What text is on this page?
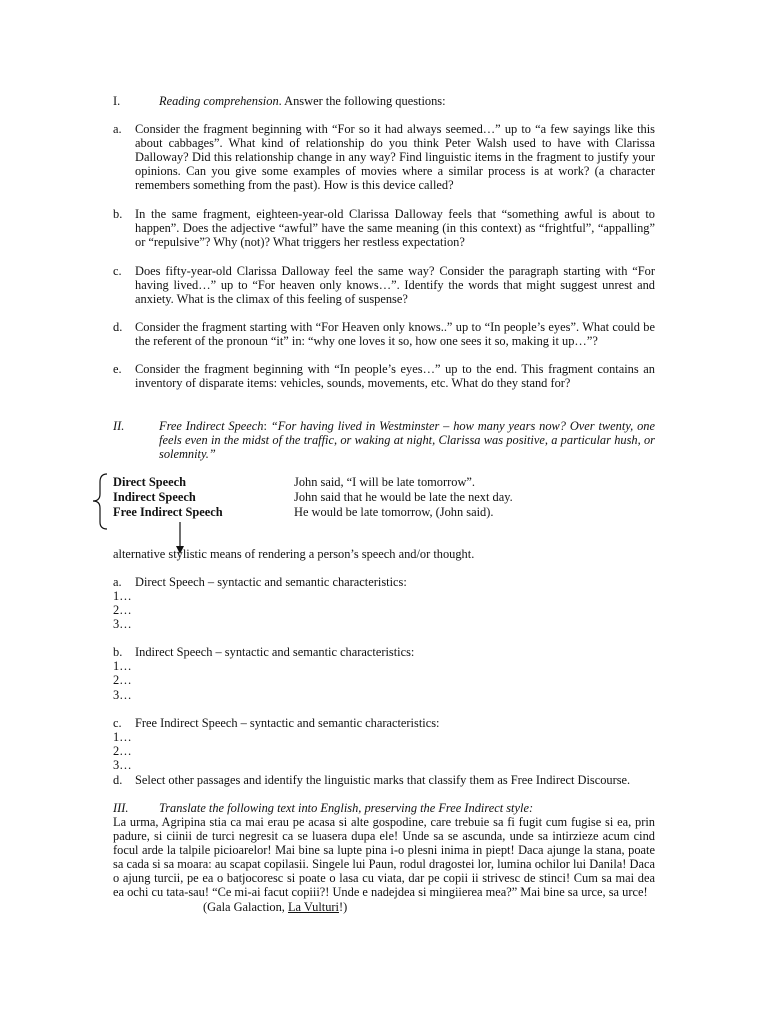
I.	Reading comprehension. Answer the following questions:
a. Consider the fragment beginning with “For so it had always seemed…” up to “a few sayings like this about cabbages”. What kind of relationship do you think Peter Walsh used to have with Clarissa Dalloway? Did this relationship change in any way? Find linguistic items in the fragment to justify your opinions. Can you give some examples of movies where a similar process is at work? (a character remembers something from the past). How is this device called?
b. In the same fragment, eighteen-year-old Clarissa Dalloway feels that “something awful is about to happen”. Does the adjective “awful” have the same meaning (in this context) as “frightful”, “appalling” or “repulsive”? Why (not)? What triggers her restless expectation?
c. Does fifty-year-old Clarissa Dalloway feel the same way? Consider the paragraph starting with “For having lived…” up to “For heaven only knows…”. Identify the words that might suggest unrest and anxiety. What is the climax of this feeling of suspense?
d. Consider the fragment starting with “For Heaven only knows..” up to “In people’s eyes”. What could be the referent of the pronoun “it” in: “why one loves it so, how one sees it so, making it up…”?
e. Consider the fragment beginning with “In people’s eyes…” up to the end. This fragment contains an inventory of disparate items: vehicles, sounds, movements, etc. What do they stand for?
II.	Free Indirect Speech: “For having lived in Westminster – how many years now? Over twenty, one feels even in the midst of the traffic, or waking at night, Clarissa was positive, a particular hush, or solemnity.”
Direct Speech	John said, “I will be late tomorrow”.
Indirect Speech	John said that he would be late the next day.
Free Indirect Speech	He would be late tomorrow, (John said).
alternative stylistic means of rendering a person’s speech and/or thought.
a. Direct Speech – syntactic and semantic characteristics:
1…
2…
3…
b. Indirect Speech – syntactic and semantic characteristics:
1…
2…
3…
c. Free Indirect Speech – syntactic and semantic characteristics:
1…
2…
3…
d. Select other passages and identify the linguistic marks that classify them as Free Indirect Discourse.
III. Translate the following text into English, preserving the Free Indirect style:
La urma, Agripina stia ca mai erau pe acasa si alte gospodine, care trebuie sa fi fugit cum fugise si ea, prin padure, si ciinii de turci negresit ca se luasera dupa ele! Unde sa se ascunda, unde sa intirzieze acum cind focul arde la talpile picioarelor! Mai bine sa lupte pina i-o plesni inima in piept! Daca ajunge la stana, poate sa cada si sa moara: au scapat copilasii. Singele lui Paun, rodul dragostei lor, lumina ochilor lui Danila! Daca o ajung turcii, pe ea o batjocoresc si poate o lasa cu viata, dar pe copii ii strivesc de stinci! Cum sa mai dea ea ochi cu tata-sau! “Ce mi-ai facut copiii?! Unde e nadejdea si mingiierea mea?” Mai bine sa urce, sa urce!
(Gala Galaction, La Vulturi!)
